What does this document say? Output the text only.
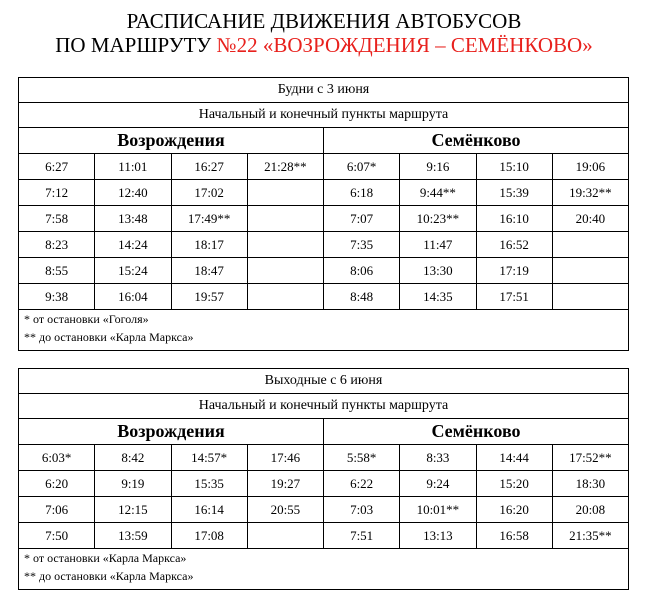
РАСПИСАНИЕ ДВИЖЕНИЯ АВТОБУСОВ
ПО МАРШРУТУ №22 «ВОЗРОЖДЕНИЯ – СЕМЁНКОВО»
Будни с 3 июня							
Начальный и конечный пункты маршрута							
Возрождения				Семёнково			
6:27	11:01	16:27	21:28**	6:07*	9:16	15:10	19:06
7:12	12:40	17:02		6:18	9:44**	15:39	19:32**
7:58	13:48	17:49**		7:07	10:23**	16:10	20:40
8:23	14:24	18:17		7:35	11:47	16:52	
8:55	15:24	18:47		8:06	13:30	17:19	
9:38	16:04	19:57		8:48	14:35	17:51	

* от остановки «Гоголя»
** до остановки «Карла Маркса»							
Выходные с 6 июня							
Начальный и конечный пункты маршрута							
Возрождения				Семёнково			
6:03*	8:42	14:57*	17:46	5:58*	8:33	14:44	17:52**
6:20	9:19	15:35	19:27	6:22	9:24	15:20	18:30
7:06	12:15	16:14	20:55	7:03	10:01**	16:20	20:08
7:50	13:59	17:08		7:51	13:13	16:58	21:35**

* от остановки «Карла Маркса»
** до остановки «Карла Маркса»							
